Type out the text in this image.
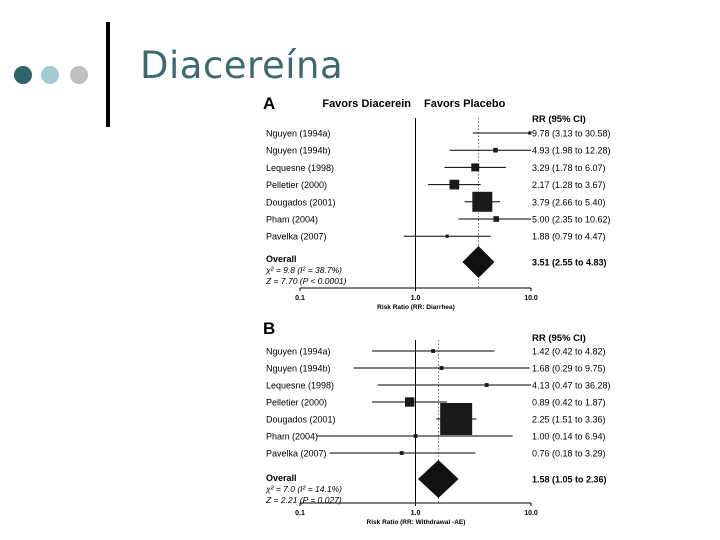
Diacereína
A	Favors Diacerein Favors Placebo
RR (95% CI)
Nguyen (1994a)	9.78 (3.13 to 30.58)
Nguyen (1994b)	4.93 (1.98 to 12.28)
Lequesne (1998)	3.29 (1.78 to 6.07)
Pelletier (2000)	2.17 (1.28 to 3.67)
Dougados (2001)	3.79 (2.66 to 5.40)
Pham (2004)	5.00 (2.35 to 10.62)
Pavelka (2007)	1.88 (0.79 to 4.47)
Overall	3.51 (2.55 to 4.83)
χ² = 9.8 (I² = 38.7%)
Z = 7.70 (P < 0.0001)
0.1	1.0	10.0
Risk Ratio (RR: Diarrhea)
B
RR (95% CI)
Nguyen (1994a)	1.42 (0.42 to 4.82)
Nguyen (1994b)	1.68 (0.29 to 9.75)
Lequesne (1998)	4.13 (0.47 to 36.28)
Pelletier (2000)	0.89 (0.42 to 1.87)
Dougados (2001)	2.25 (1.51 to 3.36)
Pham (2004)	1.00 (0.14 to 6.94)
Pavelka (2007)	0.76 (0.18 to 3.29)
Overall	1.58 (1.05 to 2.36)
χ² = 7.0 (I² = 14.1%)
Z = 2.21 (P = 0.027)
0.1	1.0	10.0
Risk Ratio (RR: Withdrawal -AE)
